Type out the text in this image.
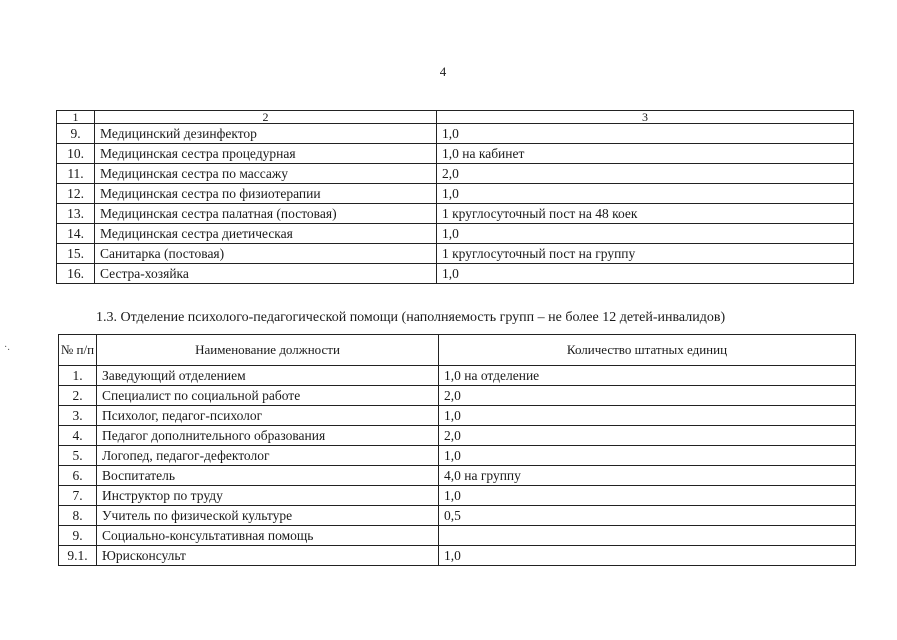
4
1	2	3
9.	Медицинский дезинфектор	1,0
10.	Медицинская сестра процедурная	1,0 на кабинет
11.	Медицинская сестра по массажу	2,0
12.	Медицинская сестра по физиотерапии	1,0
13.	Медицинская сестра палатная (постовая)	1 круглосуточный пост на 48 коек
14.	Медицинская сестра диетическая	1,0
15.	Санитарка (постовая)	1 круглосуточный пост на группу
16.	Сестра-хозяйка	1,0
1.3. Отделение психолого-педагогической помощи (наполняемость групп – не более 12 детей-инвалидов)
·.	№ п/п	Наименование должности	Количество штатных единиц
1.	Заведующий отделением	1,0 на отделение
2.	Специалист по социальной работе	2,0
3.	Психолог, педагог-психолог	1,0
4.	Педагог дополнительного образования	2,0
5.	Логопед, педагог-дефектолог	1,0
6.	Воспитатель	4,0 на группу
7.	Инструктор по труду	1,0
8.	Учитель по физической культуре	0,5
9.	Социально-консультативная помощь	
9.1.	Юрисконсульт	1,0
